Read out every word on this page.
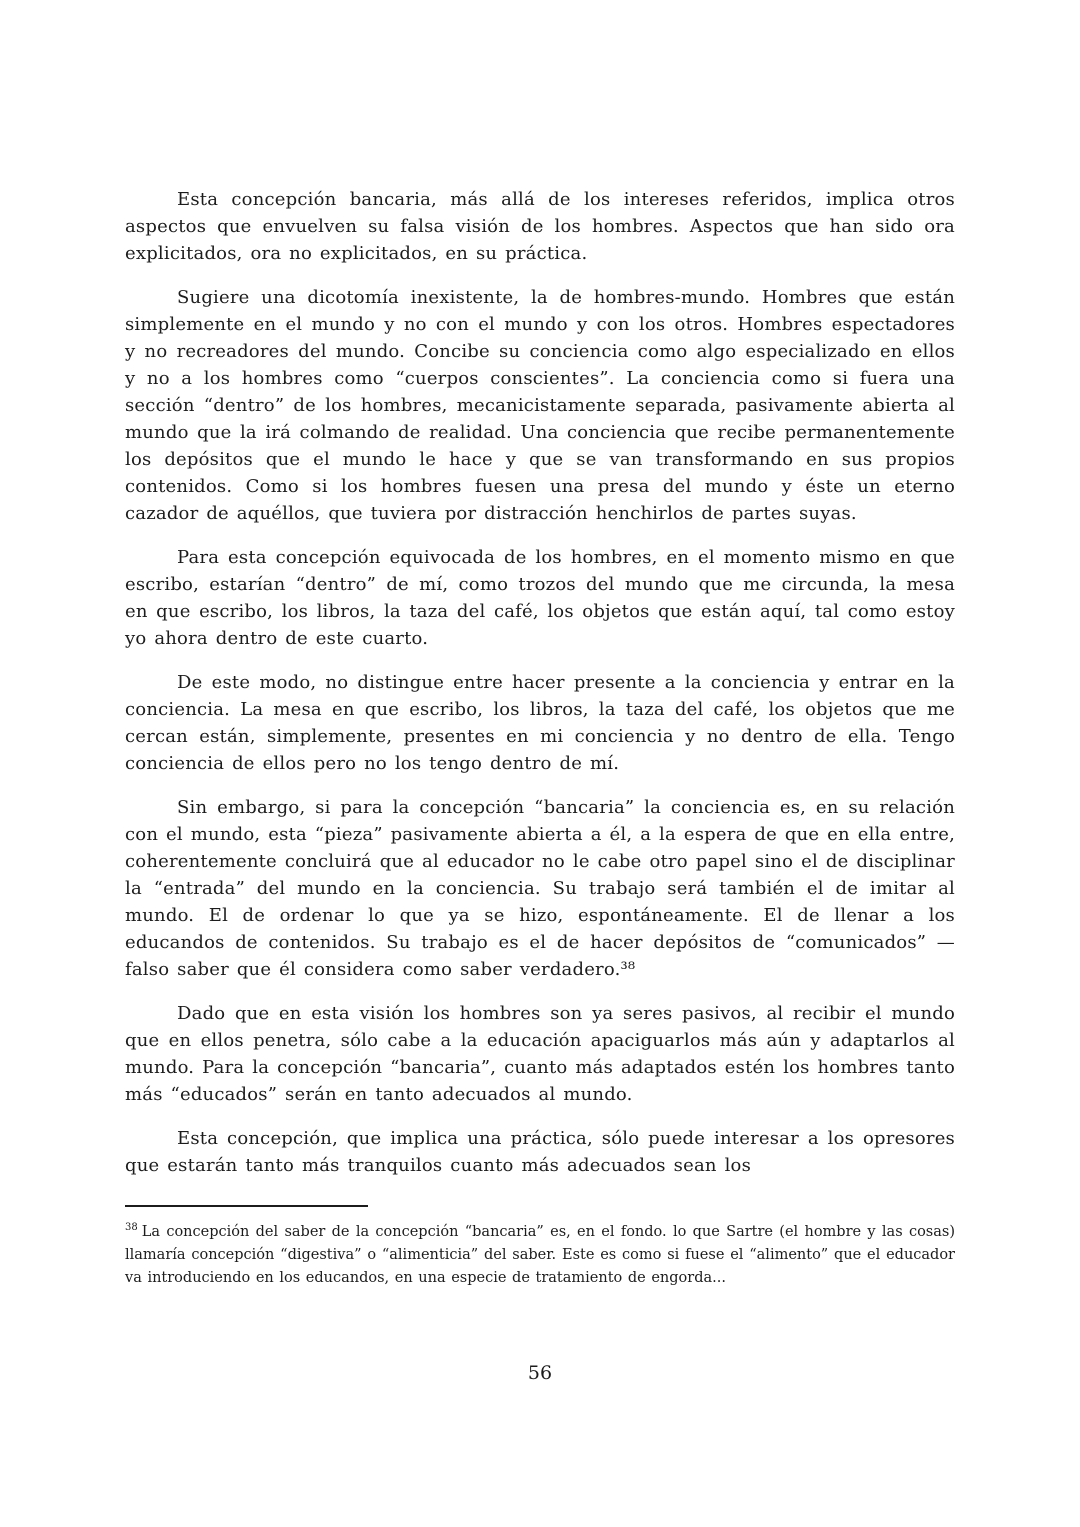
Esta concepción bancaria, más allá de los intereses referidos, implica otros aspectos que envuelven su falsa visión de los hombres. Aspectos que han sido ora explicitados, ora no explicitados, en su práctica.

Sugiere una dicotomía inexistente, la de hombres-mundo. Hombres que están simplemente en el mundo y no con el mundo y con los otros. Hombres espectadores y no recreadores del mundo. Concibe su conciencia como algo especializado en ellos y no a los hombres como “cuerpos conscientes”. La conciencia como si fuera una sección “dentro” de los hombres, mecanicistamente separada, pasivamente abierta al mundo que la irá colmando de realidad. Una conciencia que recibe permanentemente los depósitos que el mundo le hace y que se van transformando en sus propios contenidos. Como si los hombres fuesen una presa del mundo y éste un eterno cazador de aquéllos, que tuviera por distracción henchirlos de partes suyas.

Para esta concepción equivocada de los hombres, en el momento mismo en que escribo, estarían “dentro” de mí, como trozos del mundo que me circunda, la mesa en que escribo, los libros, la taza del café, los objetos que están aquí, tal como estoy yo ahora dentro de este cuarto.

De este modo, no distingue entre hacer presente a la conciencia y entrar en la conciencia. La mesa en que escribo, los libros, la taza del café, los objetos que me cercan están, simplemente, presentes en mi conciencia y no dentro de ella. Tengo conciencia de ellos pero no los tengo dentro de mí.

Sin embargo, si para la concepción “bancaria” la conciencia es, en su relación con el mundo, esta “pieza” pasivamente abierta a él, a la espera de que en ella entre, coherentemente concluirá que al educador no le cabe otro papel sino el de disciplinar la “entrada” del mundo en la conciencia. Su trabajo será también el de imitar al mundo. El de ordenar lo que ya se hizo, espontáneamente. El de llenar a los educandos de contenidos. Su trabajo es el de hacer depósitos de “comunicados” —falso saber que él considera como saber verdadero.³⁸

Dado que en esta visión los hombres son ya seres pasivos, al recibir el mundo que en ellos penetra, sólo cabe a la educación apaciguarlos más aún y adaptarlos al mundo. Para la concepción “bancaria”, cuanto más adaptados estén los hombres tanto más “educados” serán en tanto adecuados al mundo.

Esta concepción, que implica una práctica, sólo puede interesar a los opresores que estarán tanto más tranquilos cuanto más adecuados sean los

$^{38}$ La concepción del saber de la concepción “bancaria” es, en el fondo. lo que Sartre (el hombre y las cosas) llamaría concepción “digestiva” o “alimenticia” del saber. Este es como si fuese el “alimento” que el educador va introduciendo en los educandos, en una especie de tratamiento de engorda...

56
